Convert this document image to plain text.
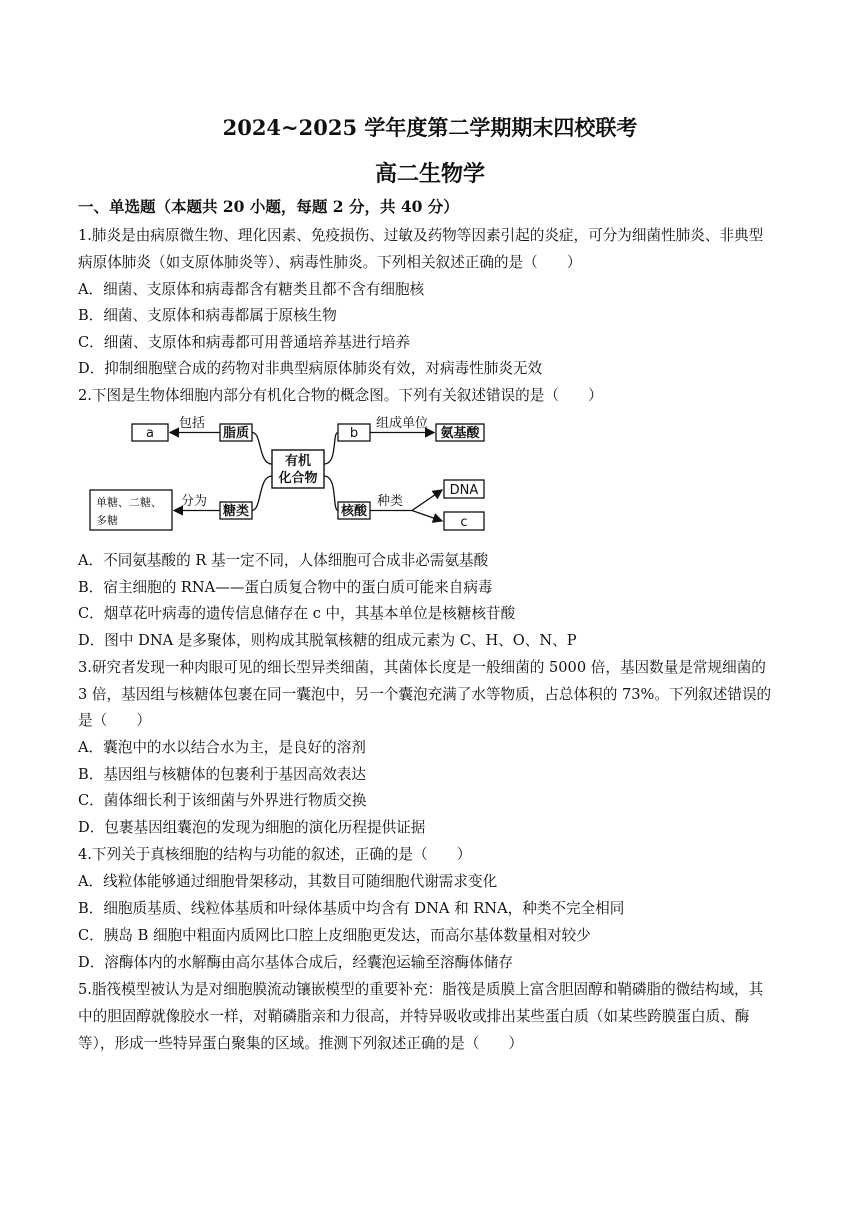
2024~2025 学年度第二学期期末四校联考
高二生物学
一、单选题（本题共 20 小题，每题 2 分，共 40 分）
1.肺炎是由病原微生物、理化因素、免疫损伤、过敏及药物等因素引起的炎症，可分为细菌性肺炎、非典型
病原体肺炎（如支原体肺炎等）、病毒性肺炎。下列相关叙述正确的是（　　）
A．细菌、支原体和病毒都含有糖类且都不含有细胞核
B．细菌、支原体和病毒都属于原核生物
C．细菌、支原体和病毒都可用普通培养基进行培养
D．抑制细胞壁合成的药物对非典型病原体肺炎有效，对病毒性肺炎无效
2.下图是生物体细胞内部分有机化合物的概念图。下列有关叙述错误的是（　　）
有机
化合物
a	脂质
包括
b
组成单位
氨基酸
单糖、二糖、
多糖
糖类
分为
核酸
种类
DNA
c
A．不同氨基酸的 R 基一定不同，人体细胞可合成非必需氨基酸
B．宿主细胞的 RNA——蛋白质复合物中的蛋白质可能来自病毒
C．烟草花叶病毒的遗传信息储存在 c 中，其基本单位是核糖核苷酸
D．图中 DNA 是多聚体，则构成其脱氧核糖的组成元素为 C、H、O、N、P
3.研究者发现一种肉眼可见的细长型异类细菌，其菌体长度是一般细菌的 5000 倍，基因数量是常规细菌的
3 倍，基因组与核糖体包裹在同一囊泡中，另一个囊泡充满了水等物质，占总体积的 73%。下列叙述错误的
是（　　）
A．囊泡中的水以结合水为主，是良好的溶剂
B．基因组与核糖体的包裹利于基因高效表达
C．菌体细长利于该细菌与外界进行物质交换
D．包裹基因组囊泡的发现为细胞的演化历程提供证据
4.下列关于真核细胞的结构与功能的叙述，正确的是（　　）
A．线粒体能够通过细胞骨架移动，其数目可随细胞代谢需求变化
B．细胞质基质、线粒体基质和叶绿体基质中均含有 DNA 和 RNA，种类不完全相同
C．胰岛 B 细胞中粗面内质网比口腔上皮细胞更发达，而高尔基体数量相对较少
D．溶酶体内的水解酶由高尔基体合成后，经囊泡运输至溶酶体储存
5.脂筏模型被认为是对细胞膜流动镶嵌模型的重要补充：脂筏是质膜上富含胆固醇和鞘磷脂的微结构域，其
中的胆固醇就像胶水一样，对鞘磷脂亲和力很高，并特异吸收或排出某些蛋白质（如某些跨膜蛋白质、酶
等），形成一些特异蛋白聚集的区域。推测下列叙述正确的是（　　）
